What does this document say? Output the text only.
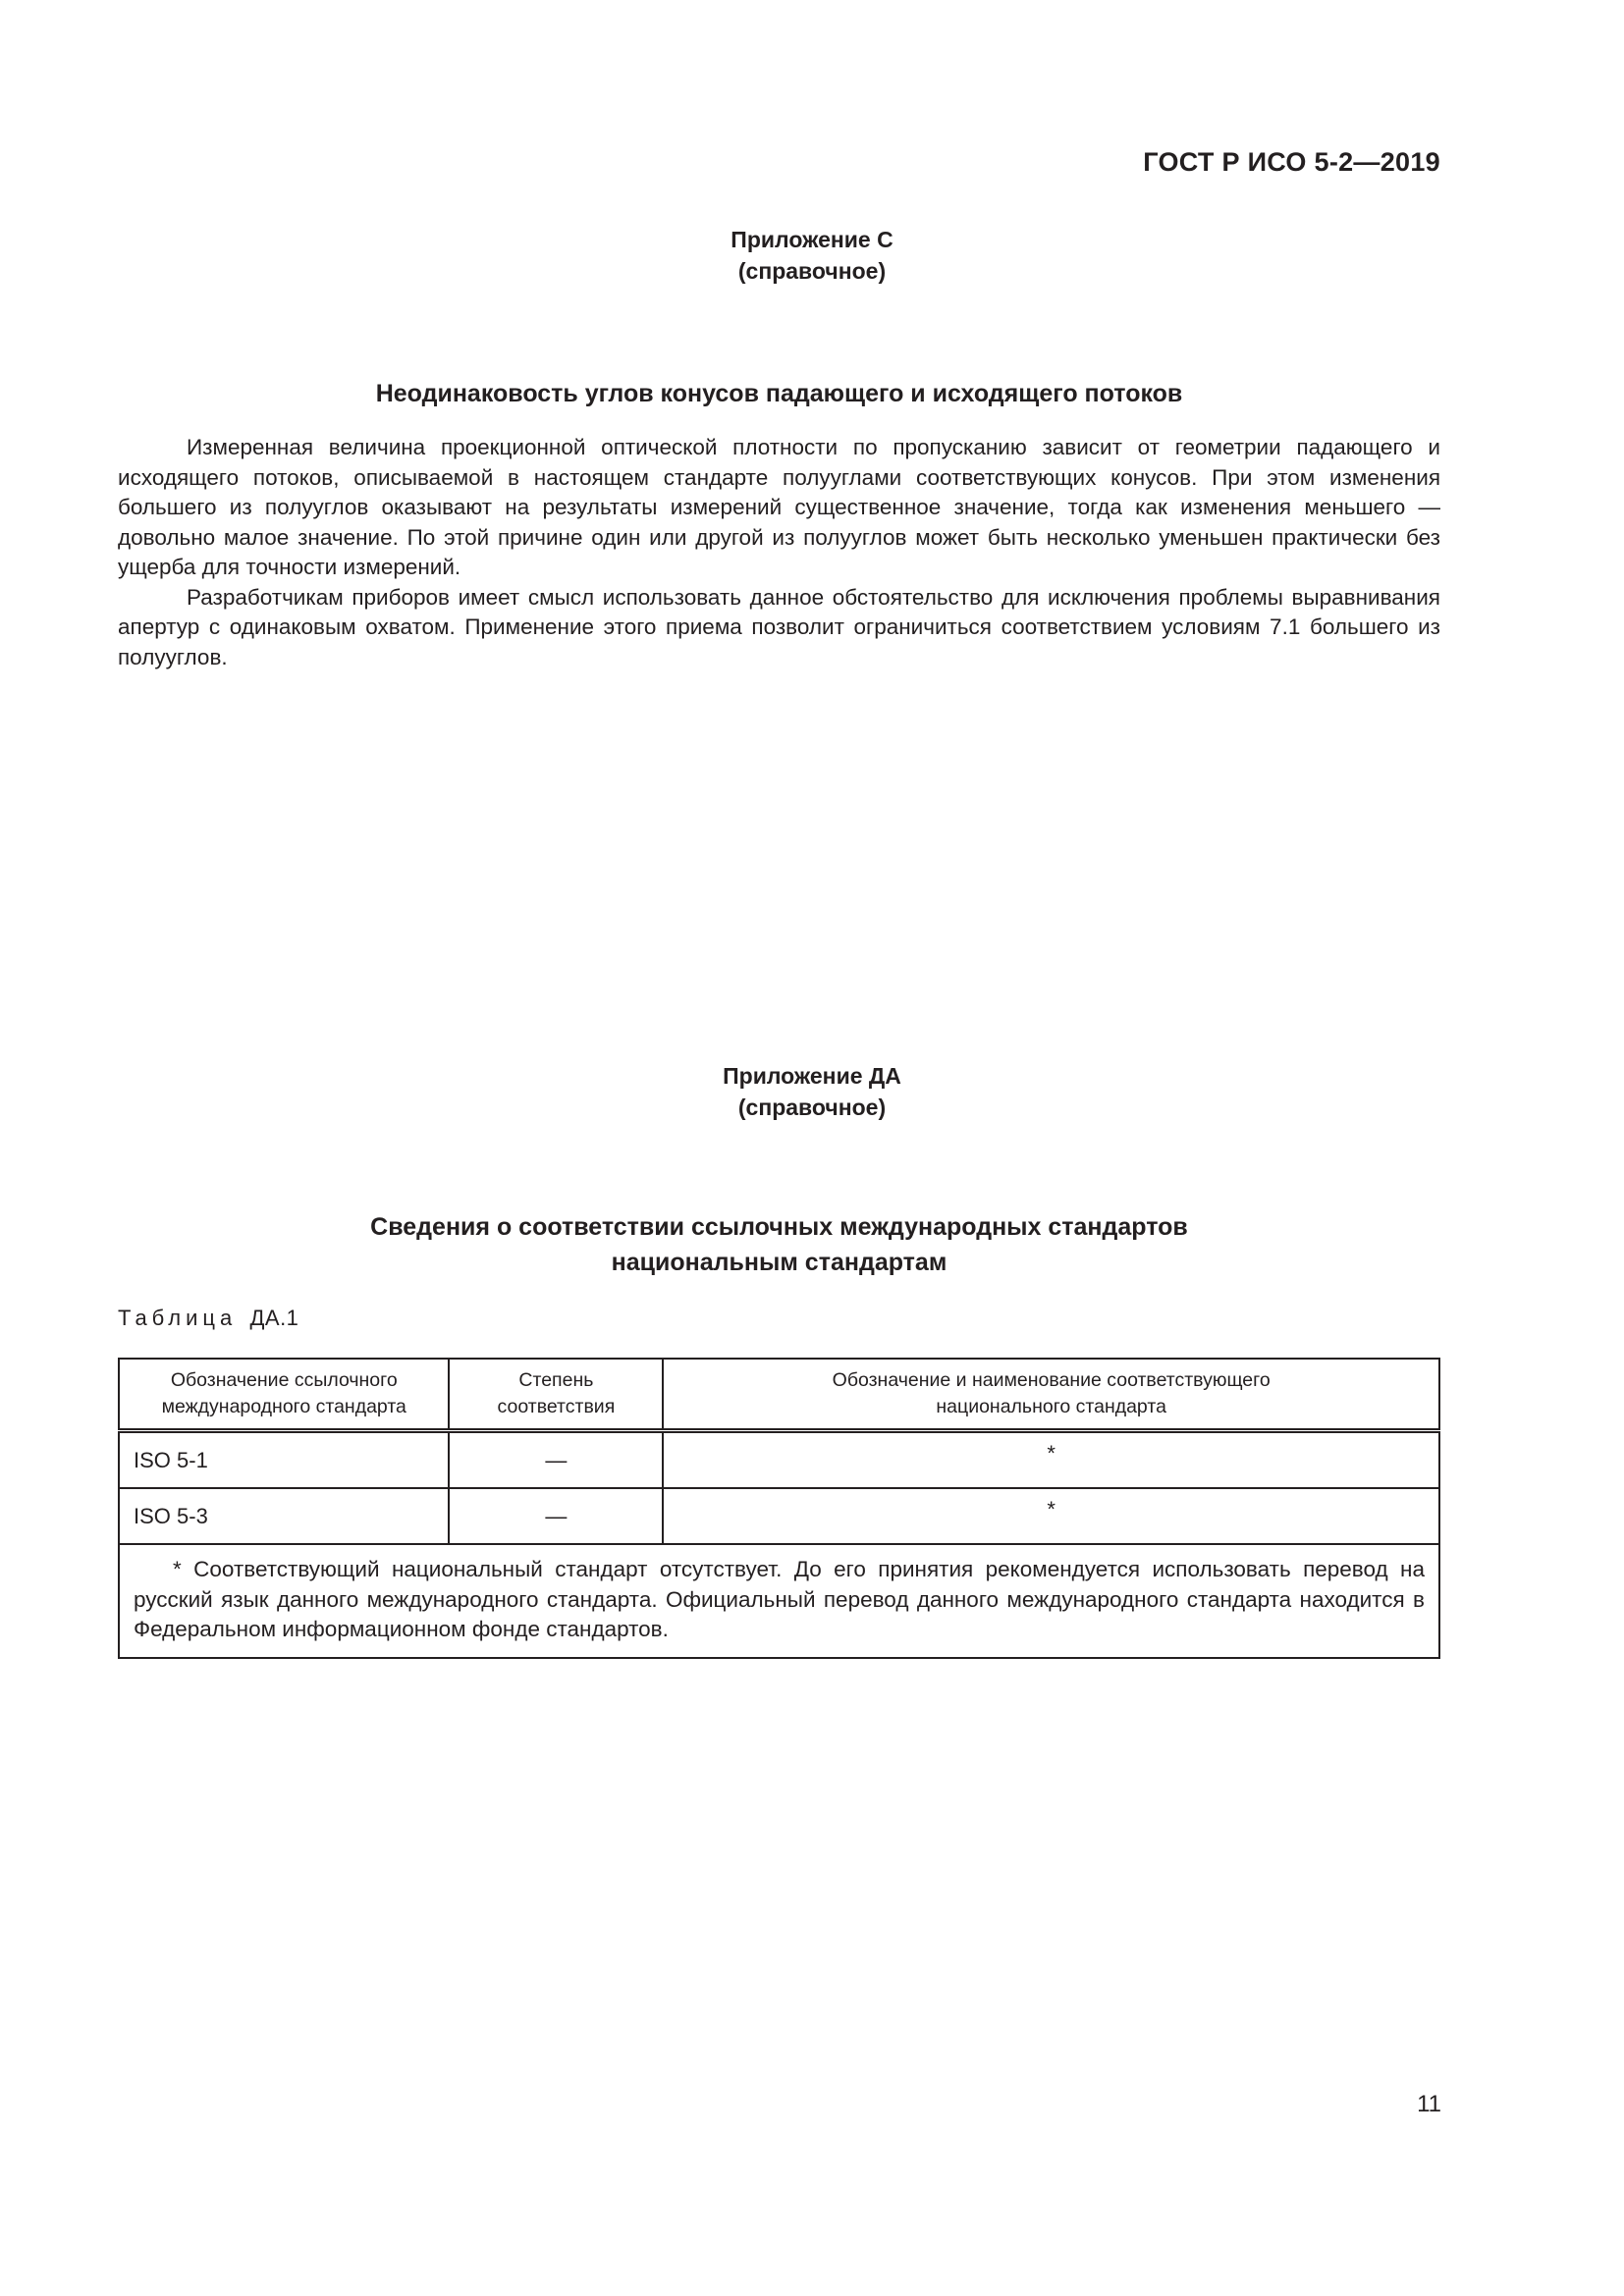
ГОСТ Р ИСО 5-2—2019
Приложение С
(справочное)
Неодинаковость углов конусов падающего и исходящего потоков

Измеренная величина проекционной оптической плотности по пропусканию зависит от геометрии падающего и исходящего потоков, описываемой в настоящем стандарте полууглами соответствующих конусов. При этом изменения большего из полууглов оказывают на результаты измерений существенное значение, тогда как изменения меньшего — довольно малое значение. По этой причине один или другой из полууглов может быть несколько уменьшен практически без ущерба для точности измерений.

Разработчикам приборов имеет смысл использовать данное обстоятельство для исключения проблемы выравнивания апертур с одинаковым охватом. Применение этого приема позволит ограничиться соответствием условиям 7.1 большего из полууглов.

Приложение ДА
(справочное)
Сведения о соответствии ссылочных международных стандартов
национальным стандартам
Таблица ДА.1
Обозначение ссылочного международного стандарта	Степень соответствия	Обозначение и наименование соответствующего национального стандарта
ISO 5-1	—	*
ISO 5-3	—	*

* Соответствующий национальный стандарт отсутствует. До его принятия рекомендуется использовать перевод на русский язык данного международного стандарта. Официальный перевод данного международного стандарта находится в Федеральном информационном фонде стандартов.		

11
